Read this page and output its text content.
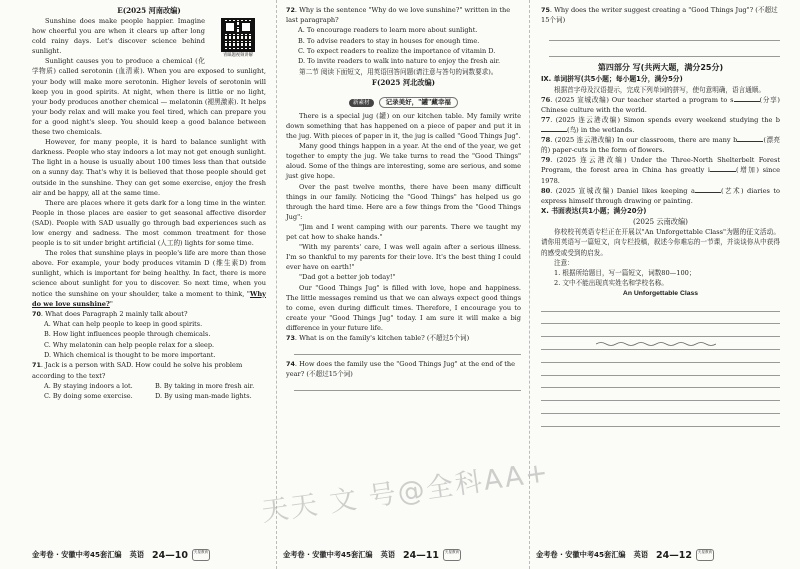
E(2025 河南改编)
青睐题视频讲解

Sunshine does make people happier. Imagine how cheerful you are when it clears up after long cold rainy days. Let's discover science behind sunlight.

Sunlight causes you to produce a chemical (化学物质) called serotonin (血清素). When you are exposed to sunlight, your body will make more serotonin. Higher levels of serotonin will keep you in good spirits. At night, when there is little or no light, your body produces another chemical — melatonin (褪黑激素). It helps your body relax and will make you feel tired, which can prepare you for a good night's sleep. You should keep a good balance between these two chemicals.

However, for many people, it is hard to balance sunlight with darkness. People who stay indoors a lot may not get enough sunlight. The light in a house is usually about 100 times less than that outside on a sunny day. That's why it is believed that those people should get outside in the sunshine. They can get some exercise, enjoy the fresh air and be happy, all at the same time.

There are places where it gets dark for a long time in the winter. People in those places are easier to get seasonal affective disorder (SAD). People with SAD usually go through bad experiences such as low energy and sadness. The most common treatment for those people is to sit under bright artificial (人工的) lights for some time.

The roles that sunshine plays in people's life are more than those above. For example, your body produces vitamin D (维生素D) from sunlight, which is important for being healthy. In fact, there is more science about sunlight for you to discover. So next time, when you notice the sunshine on your shoulder, take a moment to think, "Why do we love sunshine?"

70. What does Paragraph 2 mainly talk about?
A. What can help people to keep in good spirits.
B. How light influences people through chemicals.
C. Why melatonin can help people relax for a sleep.
D. Which chemical is thought to be more important.
71. Jack is a person with SAD. How could he solve his problem according to the text?
A. By staying indoors a lot.	B. By taking in more fresh air.
C. By doing some exercise.	D. By using man-made lights.
金考卷 · 安徽中考45套汇编 英语 24—10	天星教育
72. Why is the sentence "Why do we love sunshine?" written in the last paragraph?
A. To encourage readers to learn more about sunlight.
B. To advise readers to stay in houses for enough time.
C. To expect readers to realize the importance of vitamin D.
D. To invite readers to walk into nature to enjoy the fresh air.

第二节 阅读下面短文，用英语回答问题(请注意与答句的词数要求)。

F(2025 河北改编)
新素材 记录美好，"罐"藏幸福

There is a special jug (罐) on our kitchen table. My family write down something that has happened on a piece of paper and put it in the jug. With pieces of paper in it, the jug is called "Good Things Jug".

Many good things happen in a year. At the end of the year, we get together to empty the jug. We take turns to read the "Good Things" aloud. Some of the things are interesting, some are serious, and some just give hope.

Over the past twelve months, there have been many difficult things in our family. Noticing the "Good Things" has helped us go through the hard time. Here are a few things from the "Good Things Jug":

"Jim and I went camping with our parents. There we taught my pet cat how to shake hands."

"With my parents' care, I was well again after a serious illness. I'm so thankful to my parents for their love. It's the best thing I could ever have on earth!"

"Dad got a better job today!"

Our "Good Things Jug" is filled with love, hope and happiness. The little messages remind us that we can always expect good things to come, even during difficult times. Therefore, I encourage you to create your "Good Things Jug" today. I am sure it will make a big difference in your future life.

73. What is on the family's kitchen table? (不超过5个词)
74. How does the family use the "Good Things Jug" at the end of the year? (不超过15个词)
金考卷 · 安徽中考45套汇编 英语 24—11	天星教育
75. Why does the writer suggest creating a "Good Things Jug"? (不超过15个词)
第四部分 写(共两大题，满分25分)
Ⅸ. 单词拼写(共5小题；每小题1分，满分5分)

根据首字母及汉语提示，完成下列单词的拼写，使句意明确，语言通顺。

76. (2025 宣城改编) Our teacher started a program to s	(分享) Chinese culture with the world.

77. (2025 连云港改编) Simon spends every weekend studying the b(鸟) in the wetlands.

78. (2025 连云港改编) In our classroom, there are many b	(漂亮的) paper-cuts in the form of flowers.

79. (2025 连云港改编) Under the Three-North Shelterbelt Forest Program, the forest area in China has greatly i	(增加) since 1978.

80. (2025 宣城改编) Daniel likes keeping a	(艺术) diaries to express himself through drawing or painting.

Ⅹ. 书面表达(共1小题；满分20分)
(2025 云南改编)

你校校刊英语专栏正在开展以"An Unforgettable Class"为题的征文活动。请你用英语写一篇短文，向专栏投稿，叙述今你难忘的一节课，并谈谈你从中获得的感受或受到的启发。

注意：

1. 根据所给题目，写一篇短文，词数80—100；

2. 文中不能出现真实姓名和学校名称。

An Unforgettable Class
金考卷 · 安徽中考45套汇编 英语 24—12	天星教育
天天 文 号@全科AA+
